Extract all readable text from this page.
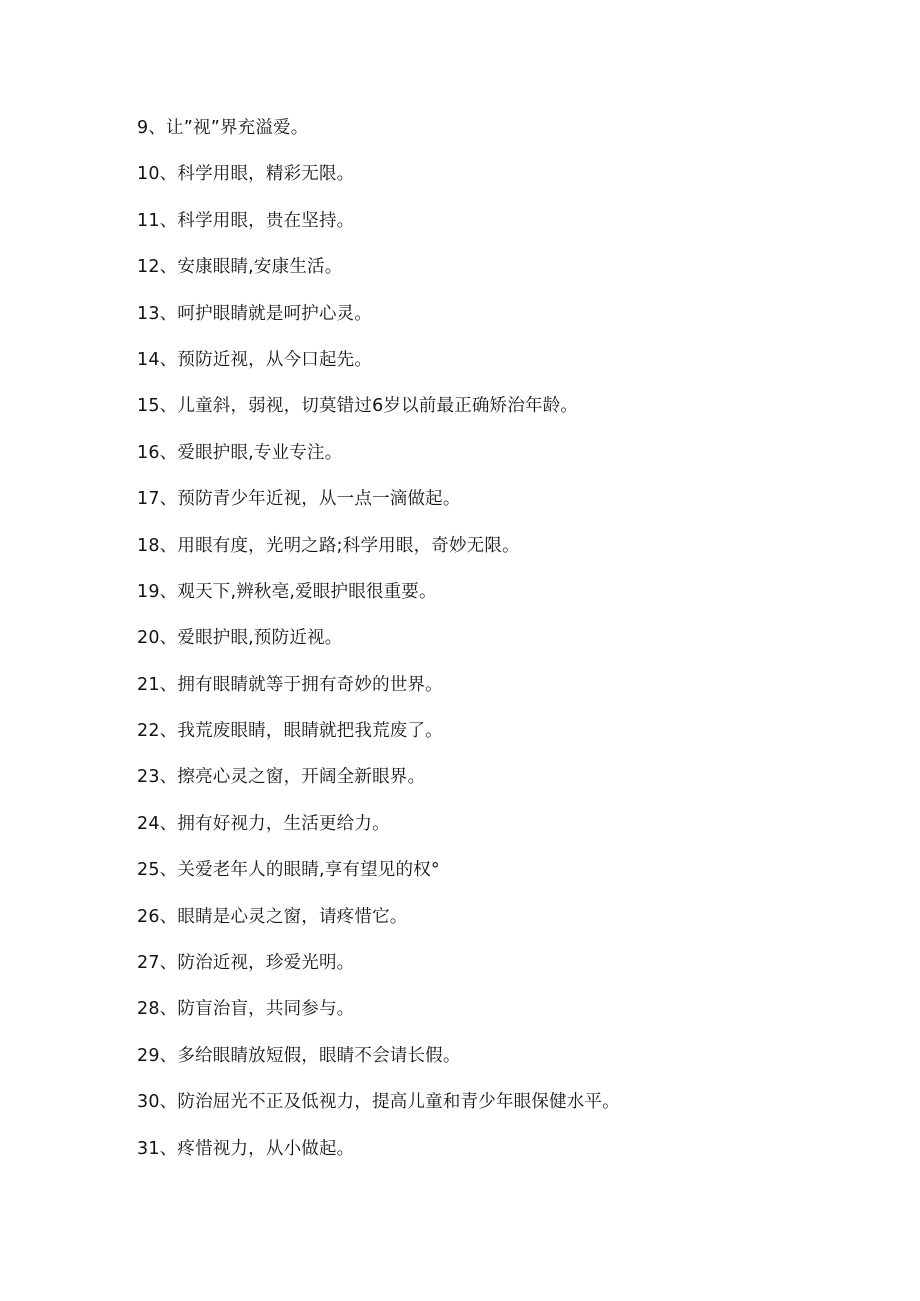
9、让”视”界充溢爱。
10、科学用眼，精彩无限。
11、科学用眼，贵在坚持。
12、安康眼睛,安康生活。
13、呵护眼睛就是呵护心灵。
14、预防近视，从今口起先。
15、儿童斜，弱视，切莫错过6岁以前最正确矫治年龄。
16、爱眼护眼,专业专注。
17、预防青少年近视，从一点一滴做起。
18、用眼有度，光明之路;科学用眼，奇妙无限。
19、观天下,辨秋亳,爱眼护眼很重要。
20、爱眼护眼,预防近视。
21、拥有眼睛就等于拥有奇妙的世界。
22、我荒废眼睛，眼睛就把我荒废了。
23、擦亮心灵之窗，开阔全新眼界。
24、拥有好视力，生活更给力。
25、关爱老年人的眼睛,享有望见的权°
26、眼睛是心灵之窗，请疼惜它。
27、防治近视，珍爱光明。
28、防盲治盲，共同参与。
29、多给眼睛放短假，眼睛不会请长假。
30、防治屈光不正及低视力，提高儿童和青少年眼保健水平。
31、疼惜视力，从小做起。
